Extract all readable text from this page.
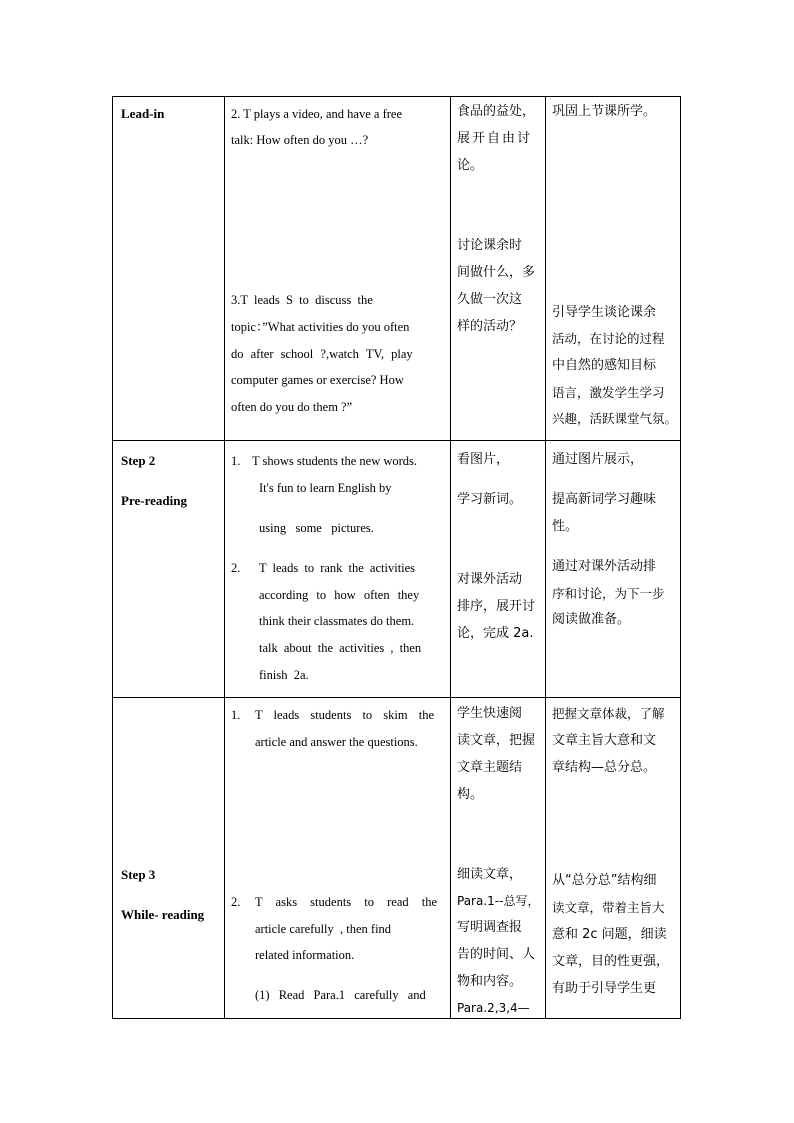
Lead-in	2. T plays a video, and have a free
talk: How often do you …?
3.T  leads  S  to  discuss  the
topic：”What activities do you often
do after school ?,watch TV, play
computer games or exercise? How
often do you do them ?”
食品的益处，
展开自由讨
论。
讨论课余时
间做什么，多
久做一次这
样的活动？
巩固上节课所学。
引导学生谈论课余
活动，在讨论的过程
中自然的感知目标
语言，激发学生学习
兴趣，活跃课堂气氛。
Step 2
Pre-reading
1. T shows students the new words.
It's fun to learn English by
using   some   pictures.
2. T leads to rank the activities
according to how often they
think their classmates do them.
talk about the activities , then
finish  2a.
看图片，
学习新词。
对课外活动
排序，展开讨
论，完成 2a.
通过图片展示，
提高新词学习趣味
性。
通过对课外活动排
序和讨论，为下一步
阅读做准备。
Step 3
While- reading
1. T leads students to skim the
article and answer the questions.
2. T asks students to read the
article carefully  , then find
related information.
(1) Read Para.1 carefully and
学生快速阅
读文章，把握
文章主题结
构。
细读文章，
Para.1--总写，
写明调查报
告的时间、人
物和内容。
Para.2,3,4—
把握文章体裁，了解
文章主旨大意和文
章结构—总分总。
从“总分总”结构细
读文章，带着主旨大
意和 2c 问题，细读
文章，目的性更强，
有助于引导学生更
